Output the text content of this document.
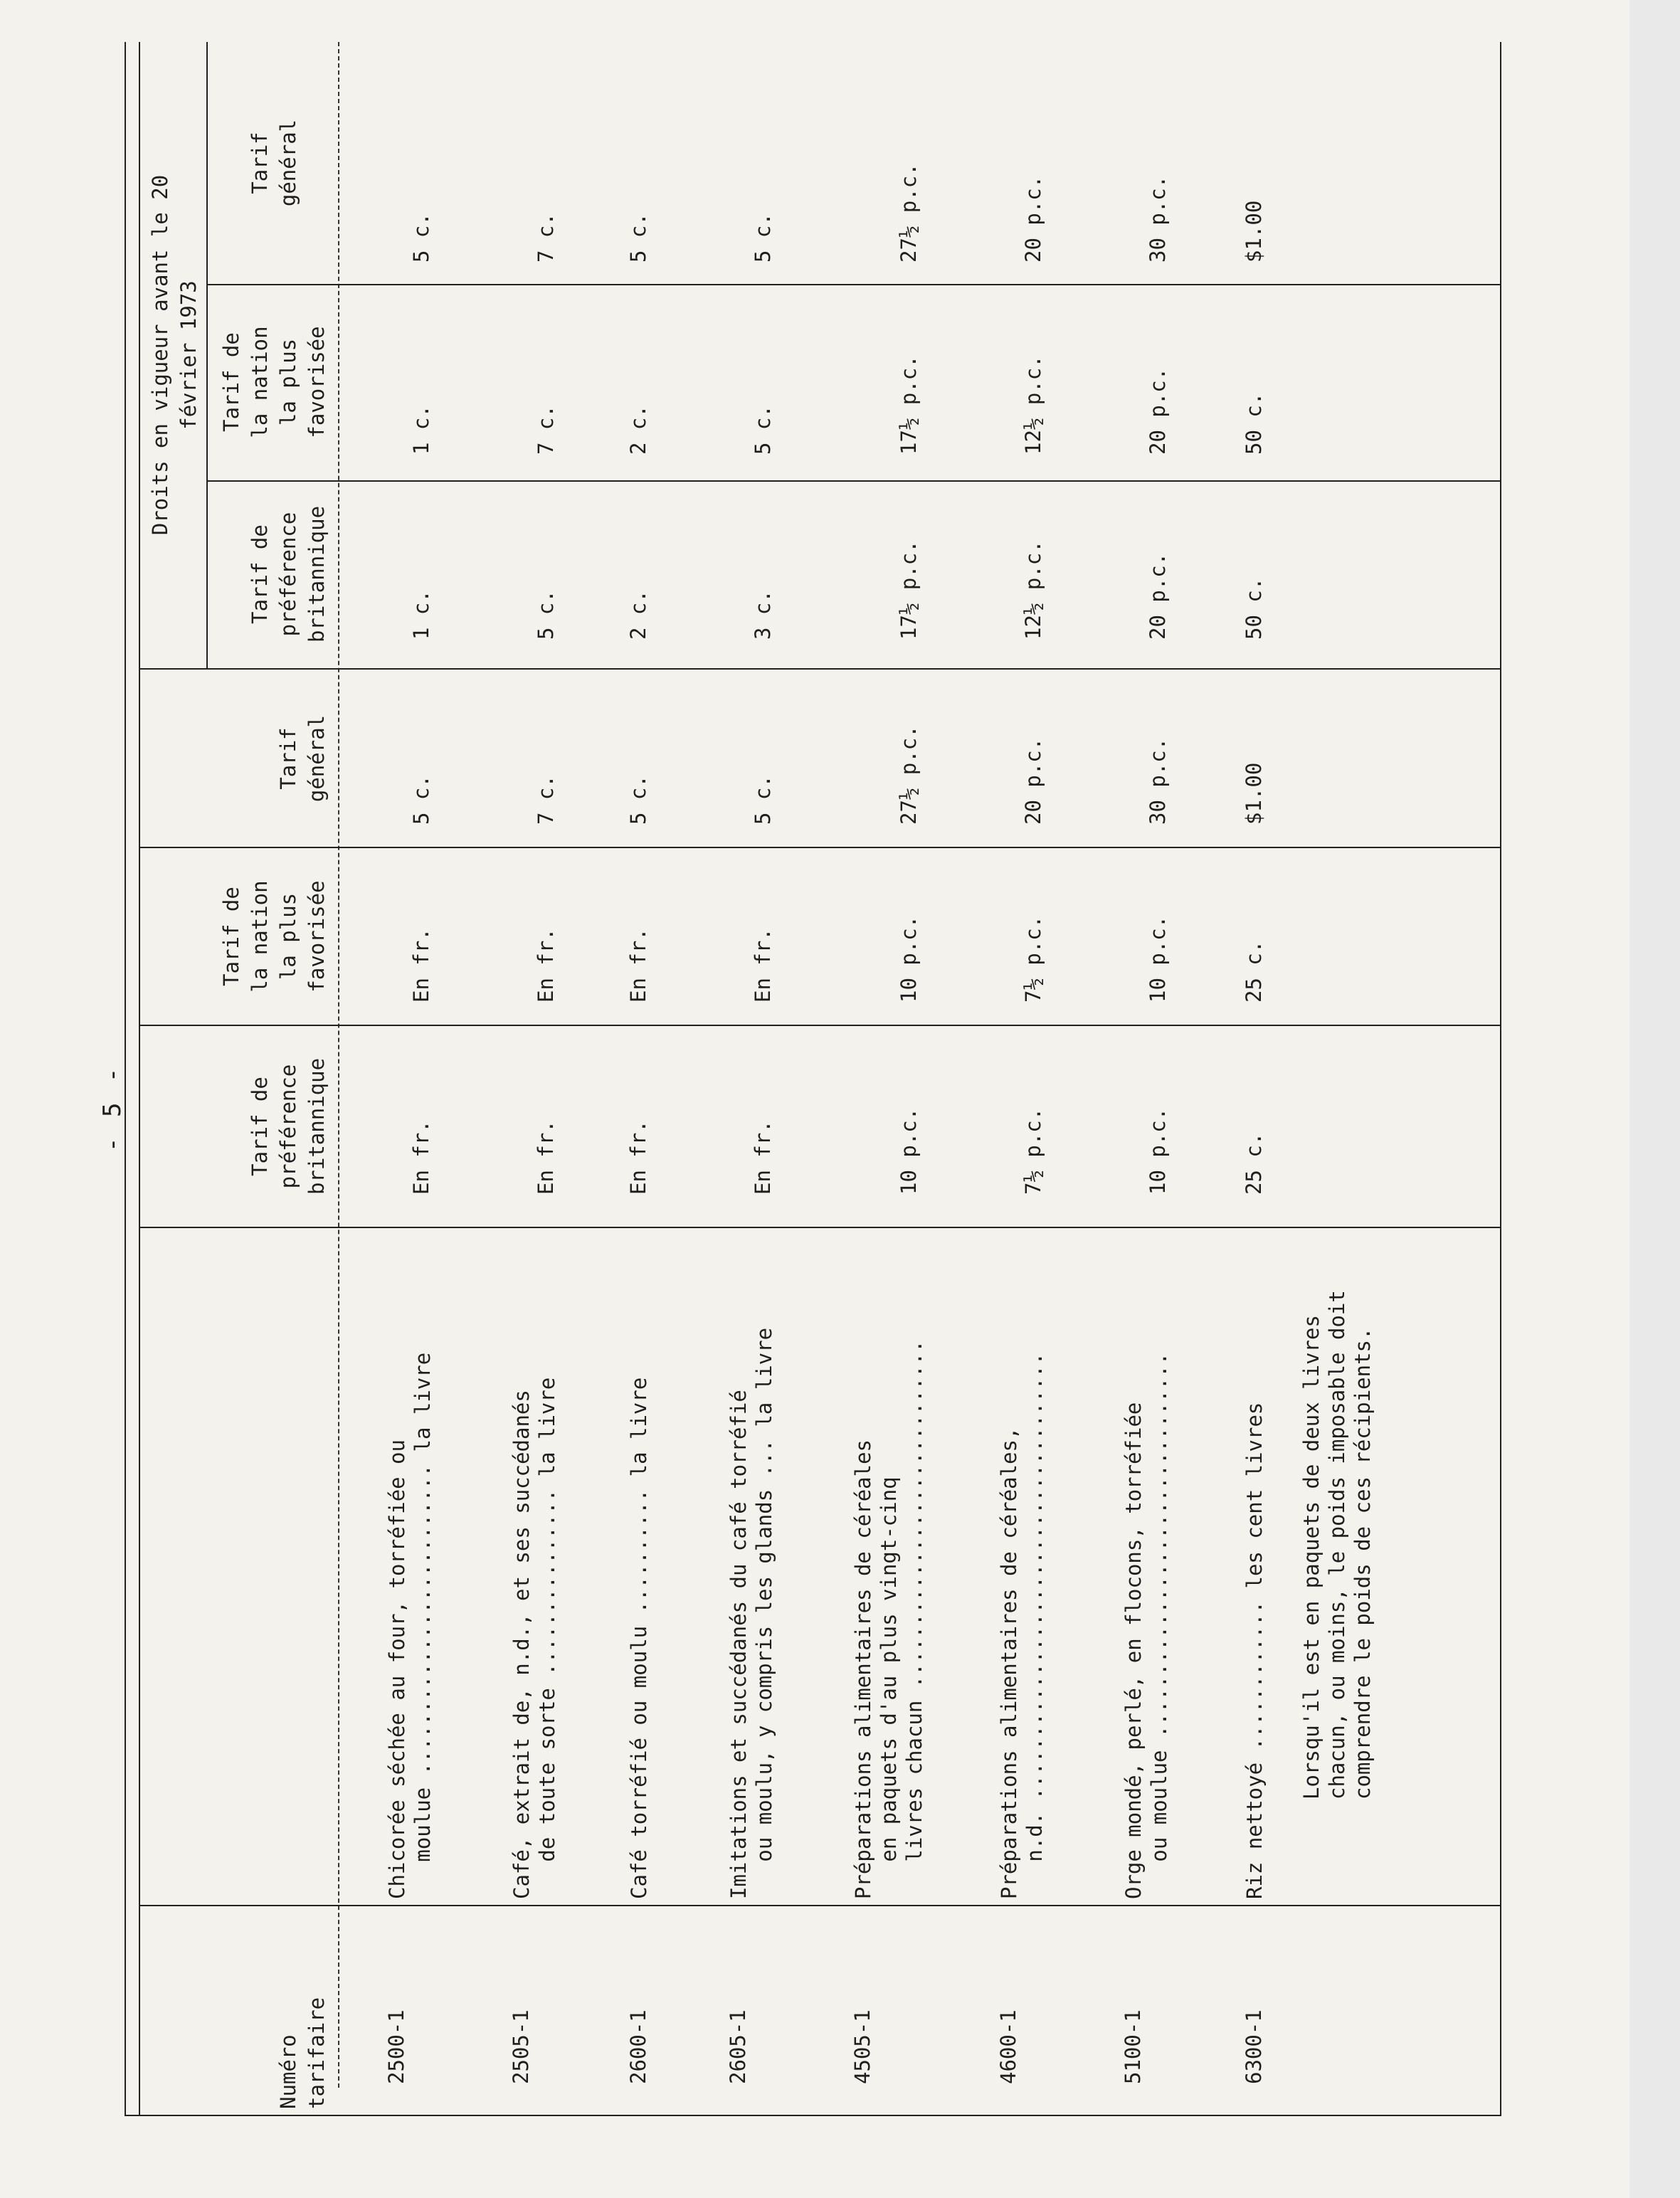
- 5 -
Numéro
tarifaire
Tarif de
préférence
britannique
Tarif de
la nation
la plus
favorisée
Tarif
général
Droits en vigueur avant le 20
février 1973
Tarif de
préférence
britannique
Tarif de
la nation
la plus
favorisée
Tarif
général
2500-1
Chicorée séchée au four, torréfiée ou
moulue ......................... la livre
En fr.
En fr.
5 c.
1 c.
1 c.
5 c.
2505-1
Café, extrait de, n.d., et ses succédanés
de toute sorte ............... la livre
En fr.
En fr.
7 c.
5 c.
7 c.
7 c.
2600-1
Café torréfié ou moulu .......... la livre
En fr.
En fr.
5 c.
2 c.
2 c.
5 c.
2605-1
Imitations et succédanés du café torréfié
ou moulu, y compris les glands ... la livre
En fr.
En fr.
5 c.
3 c.
5 c.
5 c.
4505-1
Préparations alimentaires de céréales
en paquets d'au plus vingt-cinq
livres chacun ............................
10 p.c.
10 p.c.
27½ p.c.
17½ p.c.
17½ p.c.
27½ p.c.
4600-1
Préparations alimentaires de céréales,
n.d. ....................................
7½ p.c.
7½ p.c.
20 p.c.
12½ p.c.
12½ p.c.
20 p.c.
5100-1
Orge mondé, perlé, en flocons, torréfiée
ou moulue ...............................
10 p.c.
10 p.c.
30 p.c.
20 p.c.
20 p.c.
30 p.c.
6300-1
Riz nettoyé ............ les cent livres
25 c.
25 c.
$1.00
50 c.
50 c.
$1.00
Lorsqu'il est en paquets de deux livres
chacun, ou moins, le poids imposable doit
comprendre le poids de ces récipients.
